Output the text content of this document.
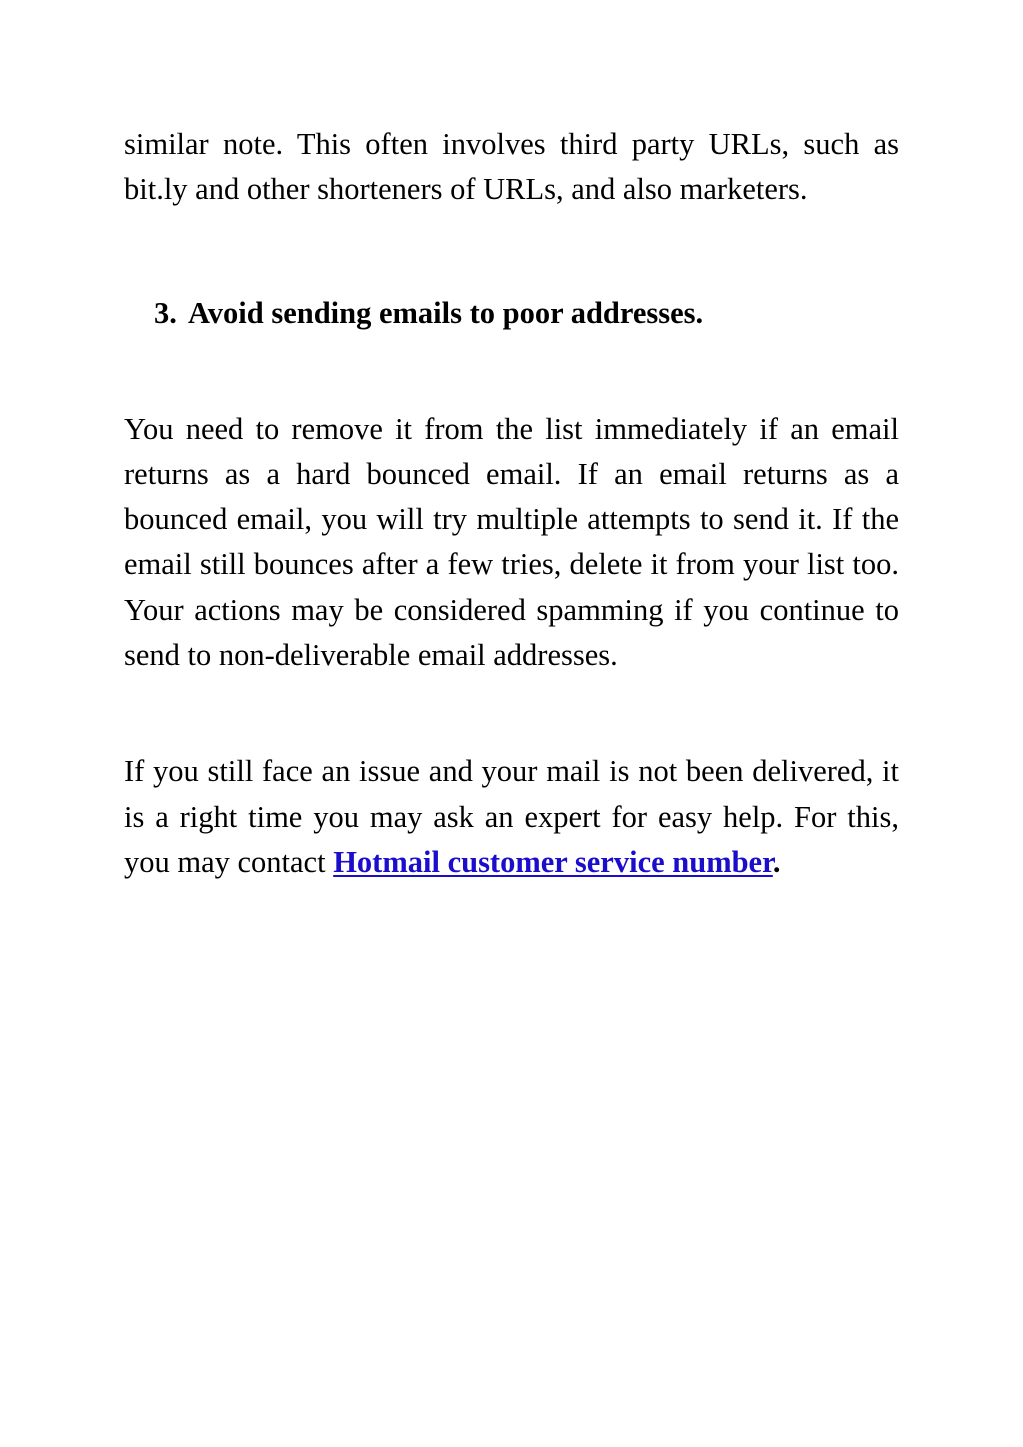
similar note. This often involves third party URLs, such as bit.ly and other shorteners of URLs, and also marketers.

3. Avoid sending emails to poor addresses.

You need to remove it from the list immediately if an email returns as a hard bounced email. If an email returns as a bounced email, you will try multiple attempts to send it. If the email still bounces after a few tries, delete it from your list too. Your actions may be considered spamming if you continue to send to non-deliverable email addresses.

If you still face an issue and your mail is not been delivered, it is a right time you may ask an expert for easy help. For this, you may contact Hotmail customer service number.
